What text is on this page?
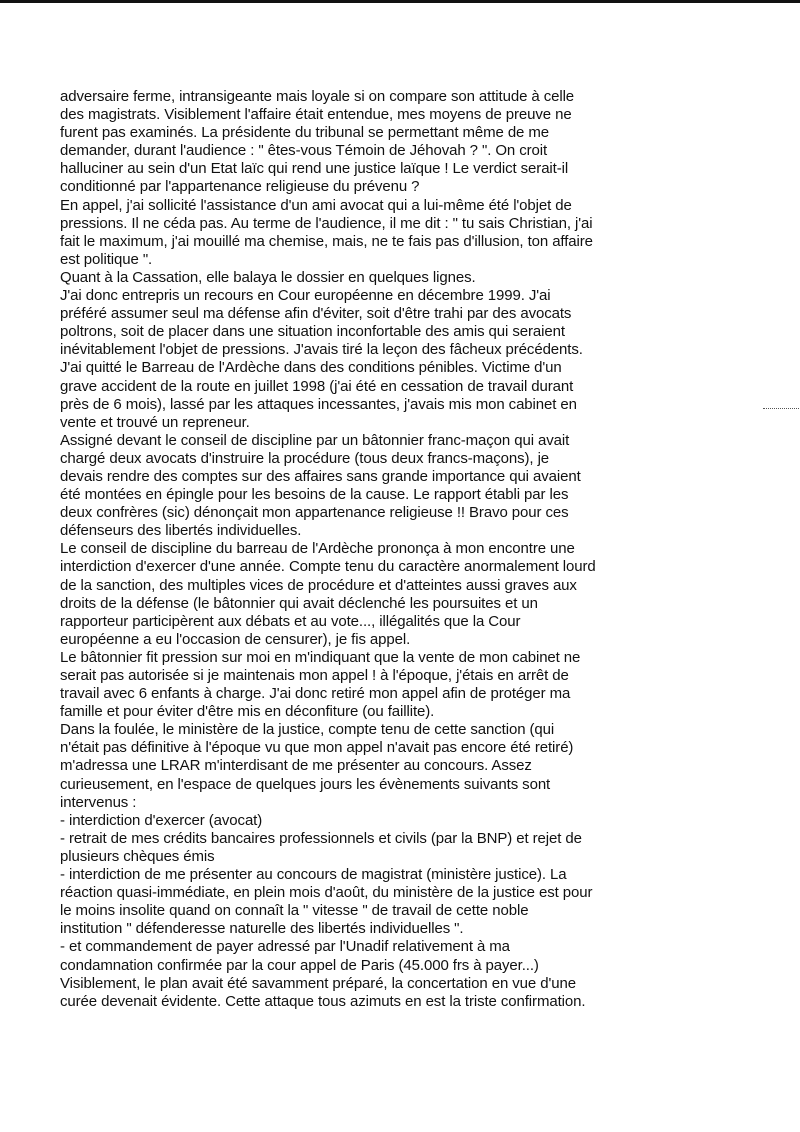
adversaire ferme, intransigeante mais loyale si on compare son attitude à celle
des magistrats. Visiblement l'affaire était entendue, mes moyens de preuve ne
furent pas examinés. La présidente du tribunal se permettant même de me
demander, durant l'audience : " êtes-vous Témoin de Jéhovah ? ". On croit
halluciner au sein d'un Etat laïc qui rend une justice laïque ! Le verdict serait-il
conditionné par l'appartenance religieuse du prévenu ?
En appel, j'ai sollicité l'assistance d'un ami avocat qui a lui-même été l'objet de
pressions. Il ne céda pas. Au terme de l'audience, il me dit : " tu sais Christian, j'ai
fait le maximum, j'ai mouillé ma chemise, mais, ne te fais pas d'illusion, ton affaire
est politique ".
Quant à la Cassation, elle balaya le dossier en quelques lignes.
J'ai donc entrepris un recours en Cour européenne en décembre 1999. J'ai
préféré assumer seul ma défense afin d'éviter, soit d'être trahi par des avocats
poltrons, soit de placer dans une situation inconfortable des amis qui seraient
inévitablement l'objet de pressions. J'avais tiré la leçon des fâcheux précédents.
J'ai quitté le Barreau de l'Ardèche dans des conditions pénibles. Victime d'un
grave accident de la route en juillet 1998 (j'ai été en cessation de travail durant
près de 6 mois), lassé par les attaques incessantes, j'avais mis mon cabinet en
vente et trouvé un repreneur.
Assigné devant le conseil de discipline par un bâtonnier franc-maçon qui avait
chargé deux avocats d'instruire la procédure (tous deux francs-maçons), je
devais rendre des comptes sur des affaires sans grande importance qui avaient
été montées en épingle pour les besoins de la cause. Le rapport établi par les
deux confrères (sic) dénonçait mon appartenance religieuse !! Bravo pour ces
défenseurs des libertés individuelles.
Le conseil de discipline du barreau de l'Ardèche prononça à mon encontre une
interdiction d'exercer d'une année. Compte tenu du caractère anormalement lourd
de la sanction, des multiples vices de procédure et d'atteintes aussi graves aux
droits de la défense (le bâtonnier qui avait déclenché les poursuites et un
rapporteur participèrent aux débats et au vote..., illégalités que la Cour
européenne a eu l'occasion de censurer), je fis appel.
Le bâtonnier fit pression sur moi en m'indiquant que la vente de mon cabinet ne
serait pas autorisée si je maintenais mon appel ! à l'époque, j'étais en arrêt de
travail avec 6 enfants à charge. J'ai donc retiré mon appel afin de protéger ma
famille et pour éviter d'être mis en déconfiture (ou faillite).
Dans la foulée, le ministère de la justice, compte tenu de cette sanction (qui
n'était pas définitive à l'époque vu que mon appel n'avait pas encore été retiré)
m'adressa une LRAR m'interdisant de me présenter au concours. Assez
curieusement, en l'espace de quelques jours les évènements suivants sont
intervenus :
- interdiction d'exercer (avocat)
- retrait de mes crédits bancaires professionnels et civils (par la BNP) et rejet de
plusieurs chèques émis
- interdiction de me présenter au concours de magistrat (ministère justice). La
réaction quasi-immédiate, en plein mois d'août, du ministère de la justice est pour
le moins insolite quand on connaît la " vitesse " de travail de cette noble
institution " défenderesse naturelle des libertés individuelles ".
- et commandement de payer adressé par l'Unadif relativement à ma
condamnation confirmée par la cour appel de Paris (45.000 frs à payer...)
Visiblement, le plan avait été savamment préparé, la concertation en vue d'une
curée devenait évidente. Cette attaque tous azimuts en est la triste confirmation.
